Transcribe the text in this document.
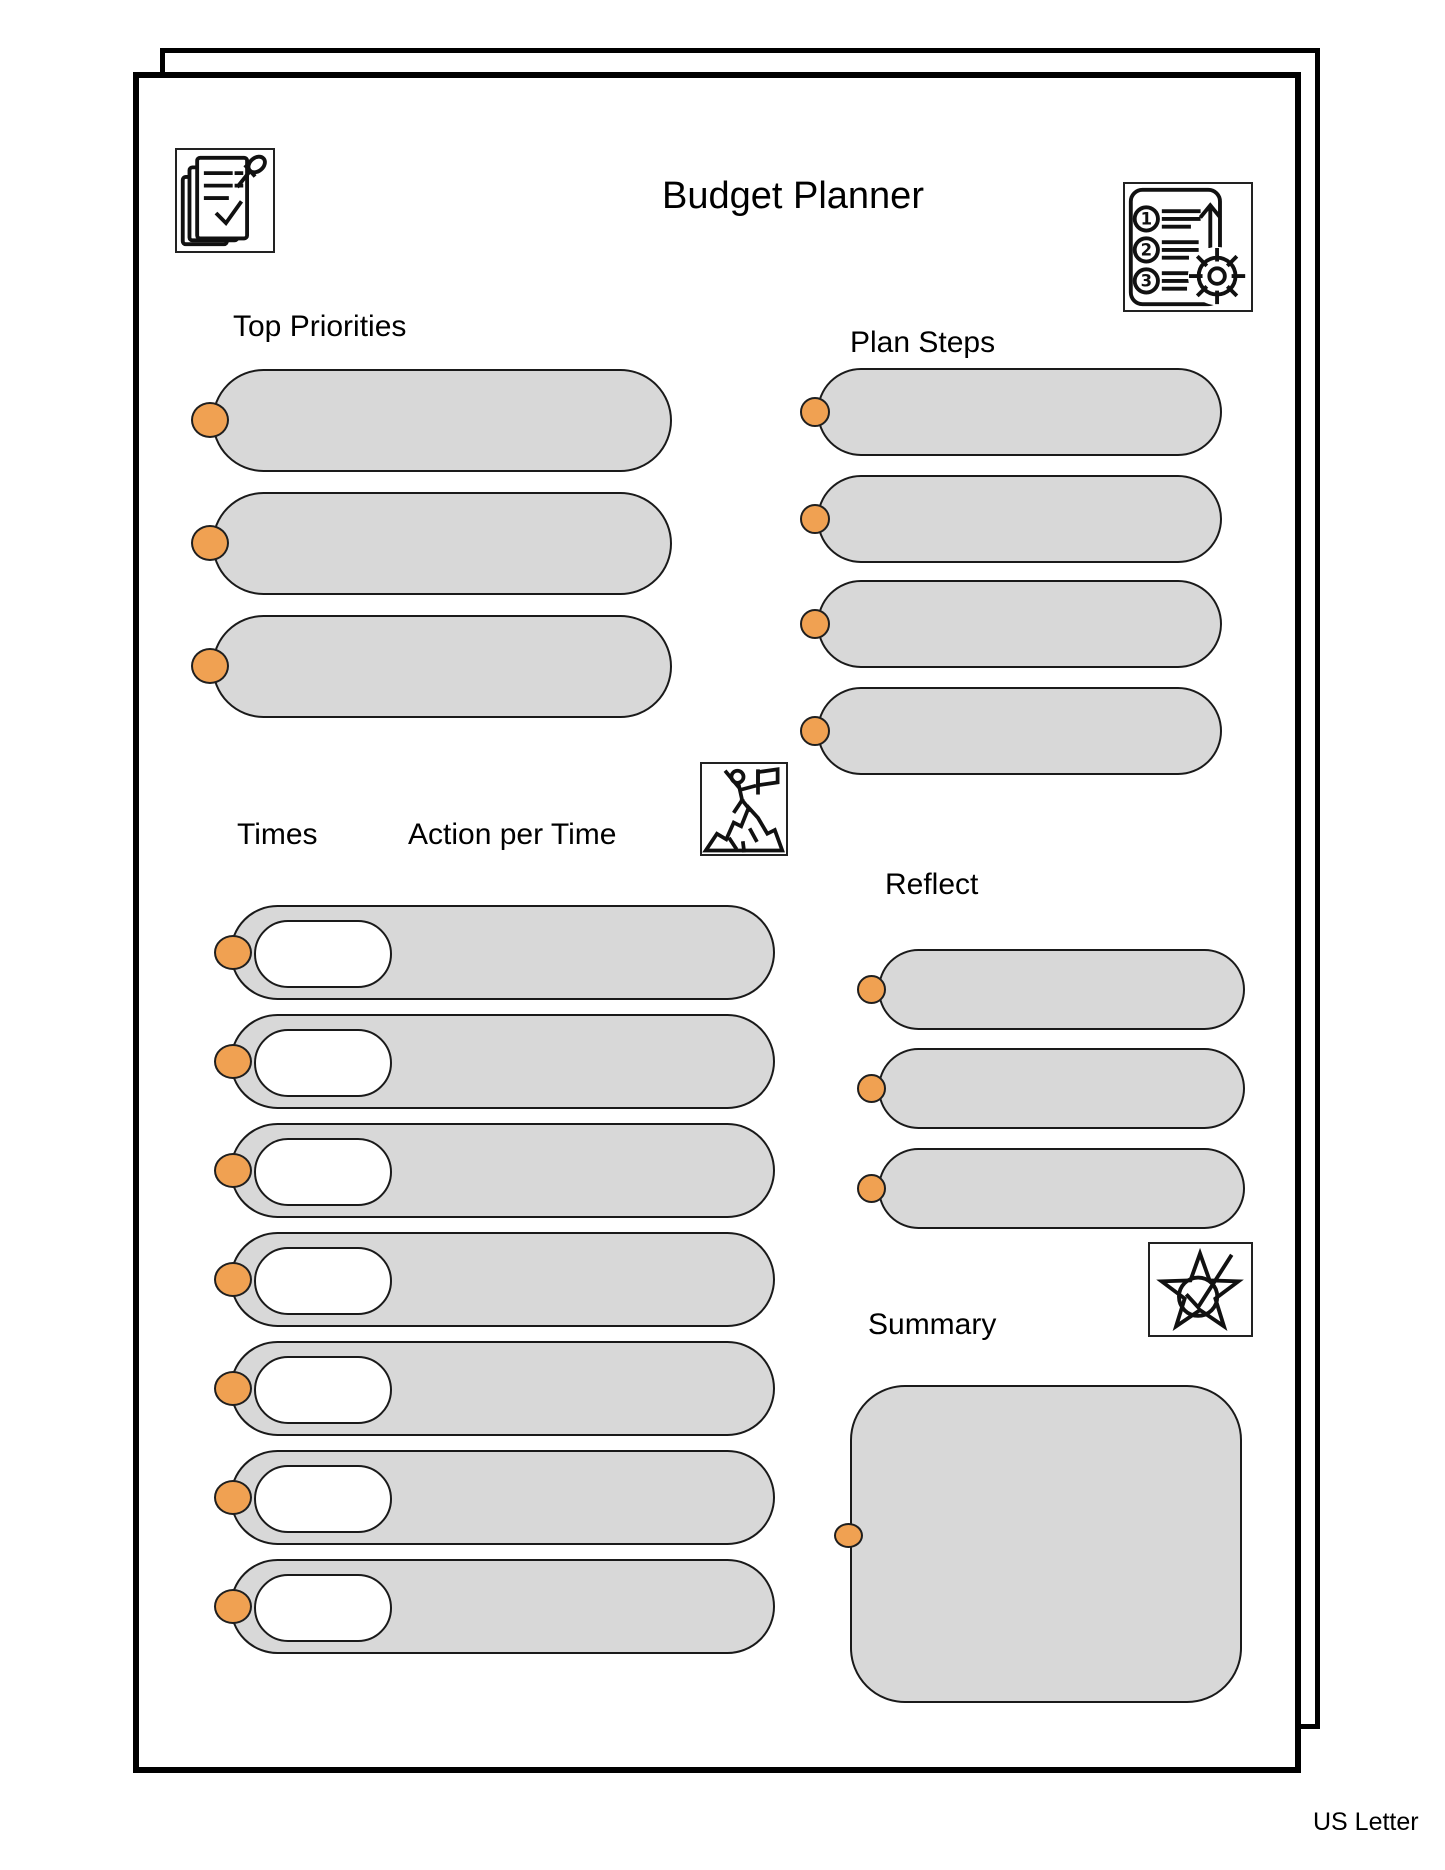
Budget Planner
1
2
3
Top Priorities	Plan Steps
Times	Action per Time
Reflect
Summary
US Letter
